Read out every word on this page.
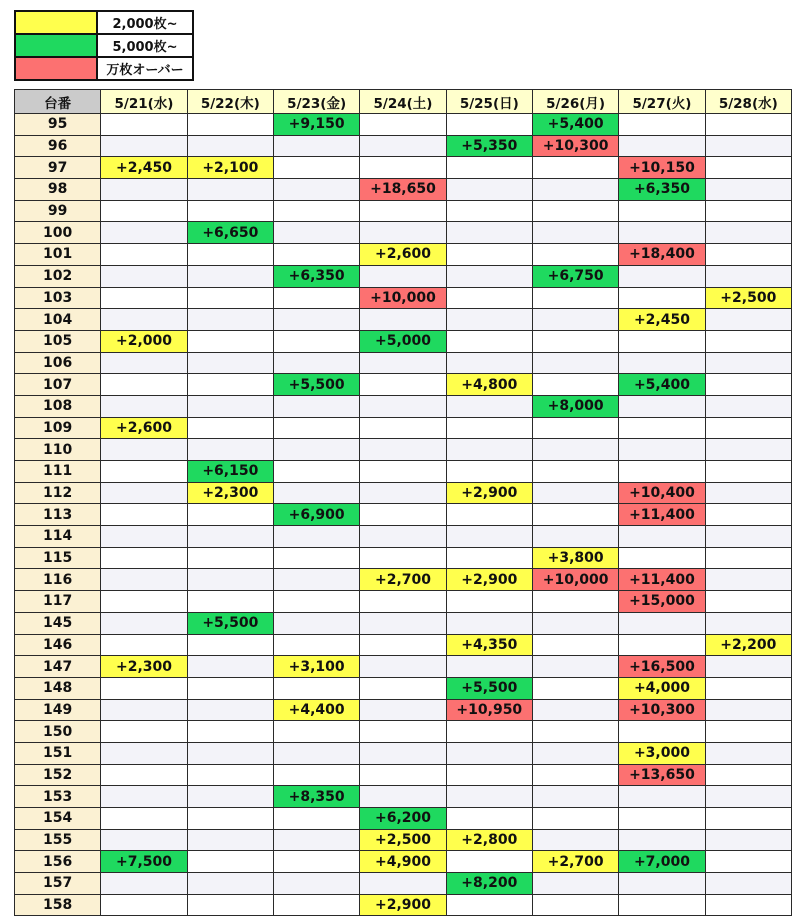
	2,000枚~
	5,000枚~
	万枚オーバー
台番	5/21(水)	5/22(木)	5/23(金)	5/24(土)	5/25(日)	5/26(月)	5/27(火)	5/28(水)
95			+9,150			+5,400		
96					+5,350	+10,300		
97	+2,450	+2,100					+10,150	
98				+18,650			+6,350	
99								
100		+6,650						
101				+2,600			+18,400	
102			+6,350			+6,750		
103				+10,000				+2,500
104							+2,450	
105	+2,000			+5,000				
106								
107			+5,500		+4,800		+5,400	
108						+8,000		
109	+2,600							
110								
111		+6,150						
112		+2,300			+2,900		+10,400	
113			+6,900				+11,400	
114								
115						+3,800		
116				+2,700	+2,900	+10,000	+11,400	
117							+15,000	
145		+5,500						
146					+4,350			+2,200
147	+2,300		+3,100				+16,500	
148					+5,500		+4,000	
149			+4,400		+10,950		+10,300	
150								
151							+3,000	
152							+13,650	
153			+8,350					
154				+6,200				
155				+2,500	+2,800			
156	+7,500			+4,900		+2,700	+7,000	
157					+8,200			
158				+2,900				
